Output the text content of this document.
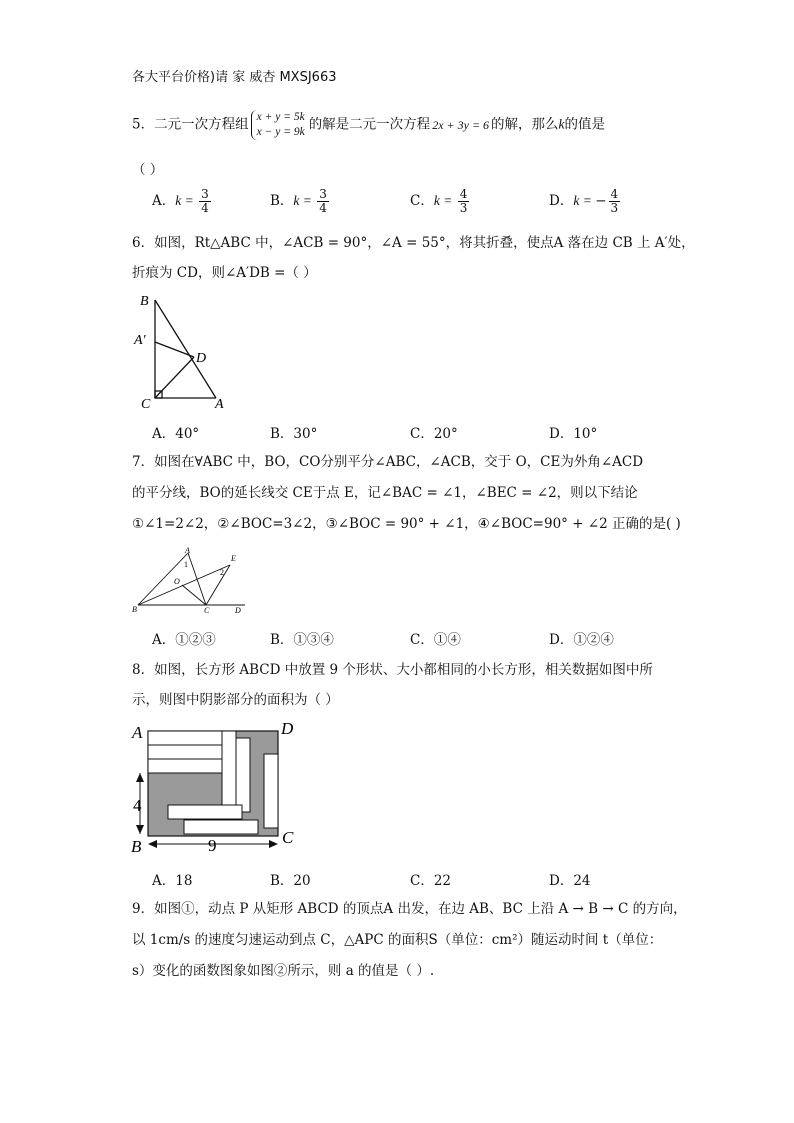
各大平台价格)请 家 威杏 MXSJ663
5．二元一次方程组 x + y = 5k
x − y = 9k 的解是二元一次方程 2x + 3y = 6 的解，那么k的值是
（ ）
A．$k = \frac{3}{4}$	B．$k = \frac{3}{4}$	C．$k = \frac{4}{3}$	D．k = − $\frac{4}{3}$
6．如图，Rt△ABC 中，∠ACB = 90°，∠A = 55°，将其折叠，使点A 落在边 CB 上 A′处，
折痕为 CD，则∠A′DB =（ ）
B
A′
D
C	A
A．40°	B．30°	C．20°	D．10°
7．如图在∀ABC 中，BO，CO分别平分∠ABC，∠ACB，交于 O，CE为外角∠ACD
的平分线，BO的延长线交 CE于点 E，记∠BAC = ∠1，∠BEC = ∠2，则以下结论
①∠1=2∠2，②∠BOC=3∠2，③∠BOC = 90° + ∠1，④∠BOC=90° + ∠2 正确的是( )
A
E
1
2
O
B	C	D
A．①②③	B．①③④	C．①④	D．①②④
8．如图，长方形 ABCD 中放置 9 个形状、大小都相同的小长方形，相关数据如图中所
示，则图中阴影部分的面积为（ ）
A	D
4
B	C
9
A．18	B．20	C．22	D．24
9．如图①，动点 P 从矩形 ABCD 的顶点A 出发，在边 AB、BC 上沿 A → B → C 的方向，
以 1cm/s 的速度匀速运动到点 C，△APC 的面积S（单位：cm²）随运动时间 t（单位：
s）变化的函数图象如图②所示，则 a 的值是（ ）.
